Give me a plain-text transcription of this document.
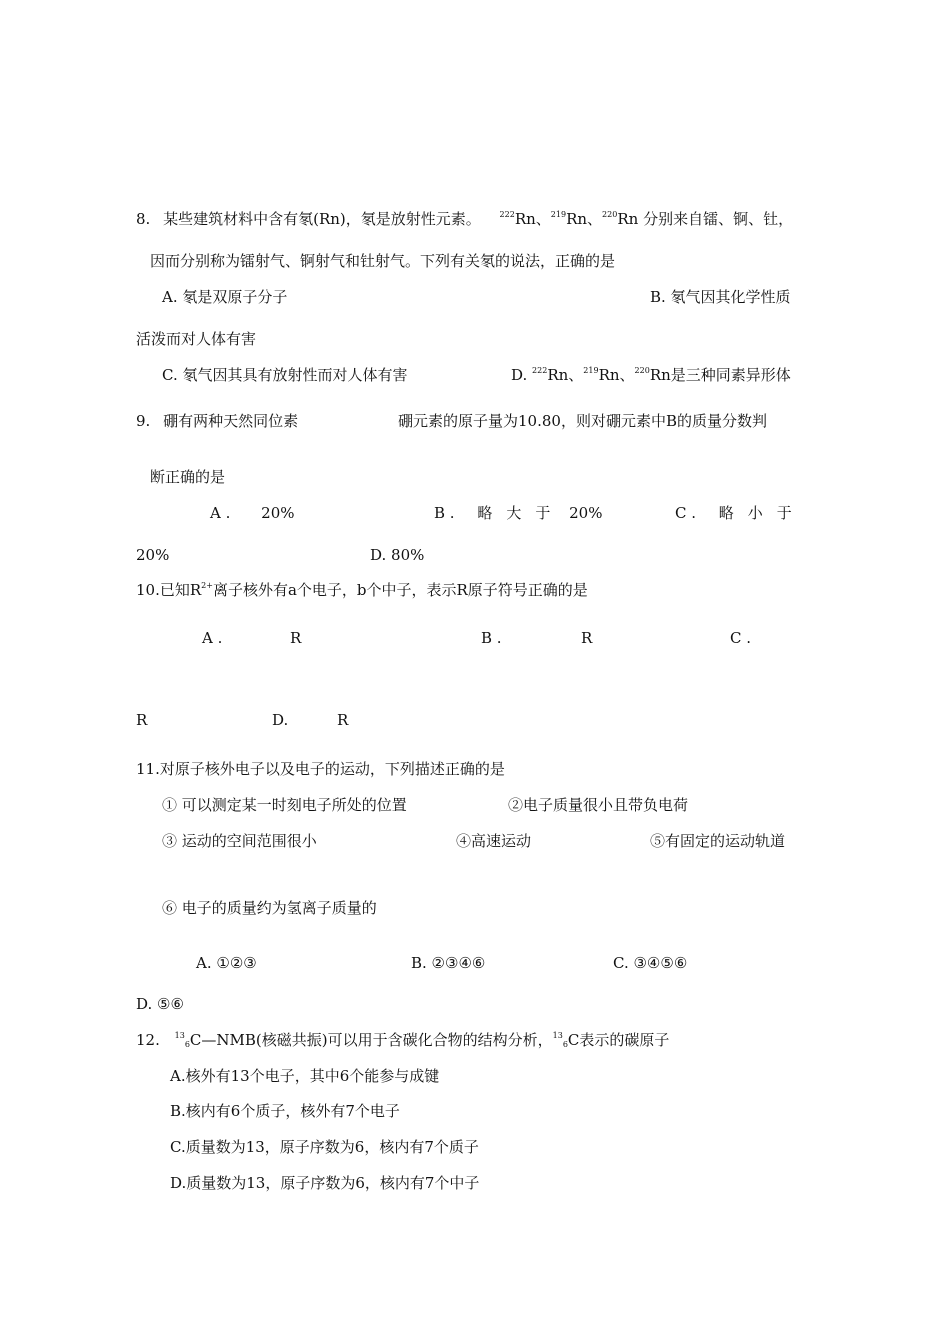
8. 某些建筑材料中含有氡(Rn)，氡是放射性元素。 $^{222}$Rn、$^{219}$Rn、$^{220}$Rn 分别来自镭、锕、钍，
因而分别称为镭射气、锕射气和钍射气。下列有关氡的说法，正确的是
A. 氡是双原子分子	B. 氡气因其化学性质
活泼而对人体有害
C. 氡气因其具有放射性而对人体有害	D. $^{222}$Rn、$^{219}$Rn、$^{220}$Rn是三种同素异形体
9. 硼有两种天然同位素	硼元素的原子量为10.80，则对硼元素中B的质量分数判
断正确的是
A . 20%	B . 略大于 20%	C . 略小于
20%	D. 80%
10.已知$R^{2+}$离子核外有a个电子，b个中子，表示R原子符号正确的是
A .	R	B .	R	C .
R	D.	R
11.对原子核外电子以及电子的运动，下列描述正确的是
① 可以测定某一时刻电子所处的位置	②电子质量很小且带负电荷
③ 运动的空间范围很小	④高速运动	⑤有固定的运动轨道
⑥ 电子的质量约为氢离子质量的
A. ①②③	B. ②③④⑥	C. ③④⑤⑥
D. ⑤⑥
12. $^{13}_6$C—NMB(核磁共振)可以用于含碳化合物的结构分析，$^{13}_6$C表示的碳原子
A.核外有13个电子，其中6个能参与成键
B.核内有6个质子，核外有7个电子
C.质量数为13，原子序数为6，核内有7个质子
D.质量数为13，原子序数为6，核内有7个中子
